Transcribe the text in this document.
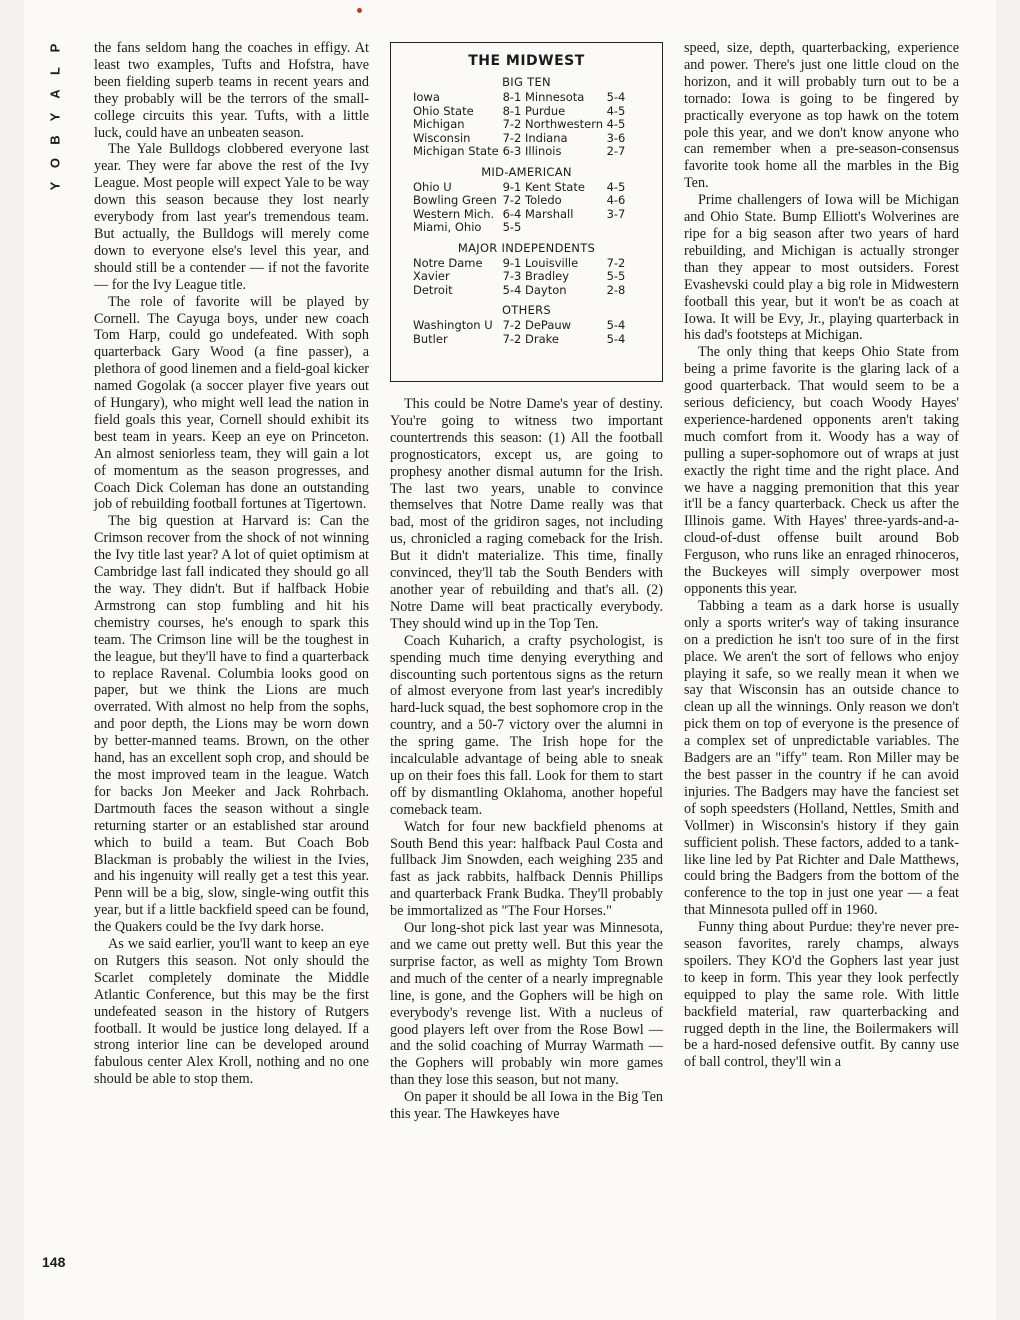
P
L
A
Y
B
O
Y
148

the fans seldom hang the coaches in effigy. At least two examples, Tufts and Hofstra, have been fielding superb teams in recent years and they probably will be the terrors of the small-college circuits this year. Tufts, with a little luck, could have an unbeaten season.

The Yale Bulldogs clobbered everyone last year. They were far above the rest of the Ivy League. Most people will expect Yale to be way down this season because they lost nearly everybody from last year's tremendous team. But actually, the Bulldogs will merely come down to everyone else's level this year, and should still be a contender — if not the favorite — for the Ivy League title.

The role of favorite will be played by Cornell. The Cayuga boys, under new coach Tom Harp, could go undefeated. With soph quarterback Gary Wood (a fine passer), a plethora of good linemen and a field-goal kicker named Gogolak (a soccer player five years out of Hungary), who might well lead the nation in field goals this year, Cornell should exhibit its best team in years. Keep an eye on Princeton. An almost seniorless team, they will gain a lot of momentum as the season progresses, and Coach Dick Coleman has done an outstanding job of rebuilding football fortunes at Tigertown.

The big question at Harvard is: Can the Crimson recover from the shock of not winning the Ivy title last year? A lot of quiet optimism at Cambridge last fall indicated they should go all the way. They didn't. But if halfback Hobie Armstrong can stop fumbling and hit his chemistry courses, he's enough to spark this team. The Crimson line will be the toughest in the league, but they'll have to find a quarterback to replace Ravenal. Columbia looks good on paper, but we think the Lions are much overrated. With almost no help from the sophs, and poor depth, the Lions may be worn down by better-manned teams. Brown, on the other hand, has an excellent soph crop, and should be the most improved team in the league. Watch for backs Jon Meeker and Jack Rohrbach. Dartmouth faces the season without a single returning starter or an established star around which to build a team. But Coach Bob Blackman is probably the wiliest in the Ivies, and his ingenuity will really get a test this year. Penn will be a big, slow, single-wing outfit this year, but if a little backfield speed can be found, the Quakers could be the Ivy dark horse.

As we said earlier, you'll want to keep an eye on Rutgers this season. Not only should the Scarlet completely dominate the Middle Atlantic Conference, but this may be the first undefeated season in the history of Rutgers football. It would be justice long delayed. If a strong interior line can be developed around fabulous center Alex Kroll, nothing and no one should be able to stop them.

THE MIDWEST
BIG TEN
Iowa	8-1 Minnesota	5-4
Ohio State	8-1 Purdue	4-5
Michigan	7-2 Northwestern 4-5
Wisconsin	7-2 Indiana	3-6
Michigan State 6-3 Illinois	2-7
MID-AMERICAN
Ohio U	9-1 Kent State	4-5
Bowling Green 7-2 Toledo	4-6
Western Mich. 6-4 Marshall	3-7
Miami, Ohio	5-5
MAJOR INDEPENDENTS
Notre Dame	9-1 Louisville	7-2
Xavier	7-3 Bradley	5-5
Detroit	5-4 Dayton	2-8
OTHERS
Washington U 7-2 DePauw	5-4
Butler	7-2 Drake	5-4

This could be Notre Dame's year of destiny. You're going to witness two important countertrends this season: (1) All the football prognosticators, except us, are going to prophesy another dismal autumn for the Irish. The last two years, unable to convince themselves that Notre Dame really was that bad, most of the gridiron sages, not including us, chronicled a raging comeback for the Irish. But it didn't materialize. This time, finally convinced, they'll tab the South Benders with another year of rebuilding and that's all. (2) Notre Dame will beat practically everybody. They should wind up in the Top Ten.

Coach Kuharich, a crafty psychologist, is spending much time denying everything and discounting such portentous signs as the return of almost everyone from last year's incredibly hard-luck squad, the best sophomore crop in the country, and a 50-7 victory over the alumni in the spring game. The Irish hope for the incalculable advantage of being able to sneak up on their foes this fall. Look for them to start off by dismantling Oklahoma, another hopeful comeback team.

Watch for four new backfield phenoms at South Bend this year: halfback Paul Costa and fullback Jim Snowden, each weighing 235 and fast as jack rabbits, halfback Dennis Phillips and quarterback Frank Budka. They'll probably be immortalized as "The Four Horses."

Our long-shot pick last year was Minnesota, and we came out pretty well. But this year the surprise factor, as well as mighty Tom Brown and much of the center of a nearly impregnable line, is gone, and the Gophers will be high on everybody's revenge list. With a nucleus of good players left over from the Rose Bowl — and the solid coaching of Murray Warmath — the Gophers will probably win more games than they lose this season, but not many.

On paper it should be all Iowa in the Big Ten this year. The Hawkeyes have

speed, size, depth, quarterbacking, experience and power. There's just one little cloud on the horizon, and it will probably turn out to be a tornado: Iowa is going to be fingered by practically everyone as top hawk on the totem pole this year, and we don't know anyone who can remember when a pre-season-consensus favorite took home all the marbles in the Big Ten.

Prime challengers of Iowa will be Michigan and Ohio State. Bump Elliott's Wolverines are ripe for a big season after two years of hard rebuilding, and Michigan is actually stronger than they appear to most outsiders. Forest Evashevski could play a big role in Midwestern football this year, but it won't be as coach at Iowa. It will be Evy, Jr., playing quarterback in his dad's footsteps at Michigan.

The only thing that keeps Ohio State from being a prime favorite is the glaring lack of a good quarterback. That would seem to be a serious deficiency, but coach Woody Hayes' experience-hardened opponents aren't taking much comfort from it. Woody has a way of pulling a super-sophomore out of wraps at just exactly the right time and the right place. And we have a nagging premonition that this year it'll be a fancy quarterback. Check us after the Illinois game. With Hayes' three-yards-and-a-cloud-of-dust offense built around Bob Ferguson, who runs like an enraged rhinoceros, the Buckeyes will simply overpower most opponents this year.

Tabbing a team as a dark horse is usually only a sports writer's way of taking insurance on a prediction he isn't too sure of in the first place. We aren't the sort of fellows who enjoy playing it safe, so we really mean it when we say that Wisconsin has an outside chance to clean up all the winnings. Only reason we don't pick them on top of everyone is the presence of a complex set of unpredictable variables. The Badgers are an "iffy" team. Ron Miller may be the best passer in the country if he can avoid injuries. The Badgers may have the fanciest set of soph speedsters (Holland, Nettles, Smith and Vollmer) in Wisconsin's history if they gain sufficient polish. These factors, added to a tank-like line led by Pat Richter and Dale Matthews, could bring the Badgers from the bottom of the conference to the top in just one year — a feat that Minnesota pulled off in 1960.

Funny thing about Purdue: they're never pre-season favorites, rarely champs, always spoilers. They KO'd the Gophers last year just to keep in form. This year they look perfectly equipped to play the same role. With little backfield material, raw quarterbacking and rugged depth in the line, the Boilermakers will be a hard-nosed defensive outfit. By canny use of ball control, they'll win a
